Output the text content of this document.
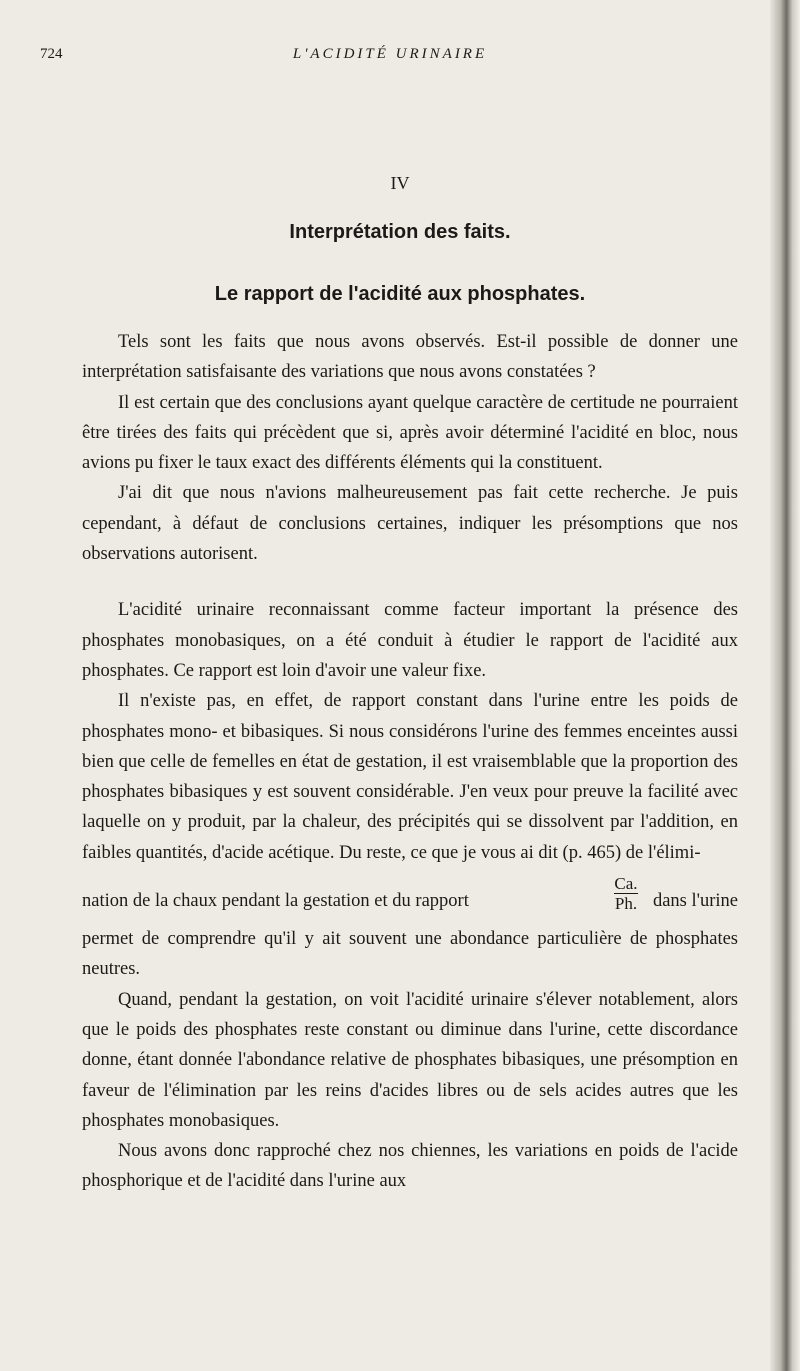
724	L'ACIDITÉ URINAIRE
IV
Interprétation des faits.
Le rapport de l'acidité aux phosphates.

Tels sont les faits que nous avons observés. Est-il possible de donner une interprétation satisfaisante des variations que nous avons constatées ?

Il est certain que des conclusions ayant quelque caractère de certitude ne pourraient être tirées des faits qui précèdent que si, après avoir déterminé l'acidité en bloc, nous avions pu fixer le taux exact des différents éléments qui la constituent.

J'ai dit que nous n'avions malheureusement pas fait cette recherche. Je puis cependant, à défaut de conclusions certaines, indiquer les présomptions que nos observations autorisent.

L'acidité urinaire reconnaissant comme facteur important la présence des phosphates monobasiques, on a été conduit à étudier le rapport de l'acidité aux phosphates. Ce rapport est loin d'avoir une valeur fixe.

Il n'existe pas, en effet, de rapport constant dans l'urine entre les poids de phosphates mono- et bibasiques. Si nous considérons l'urine des femmes enceintes aussi bien que celle de femelles en état de gestation, il est vraisemblable que la proportion des phosphates bibasiques y est souvent considérable. J'en veux pour preuve la facilité avec laquelle on y produit, par la chaleur, des précipités qui se dissolvent par l'addition, en faibles quantités, d'acide acétique. Du reste, ce que je vous ai dit (p. 465) de l'élimi-

nation de la chaux pendant la gestation et du rapport	$\frac{Ca.}{Ph.}$ dans l'urine

permet de comprendre qu'il y ait souvent une abondance particulière de phosphates neutres.

Quand, pendant la gestation, on voit l'acidité urinaire s'élever notablement, alors que le poids des phosphates reste constant ou diminue dans l'urine, cette discordance donne, étant donnée l'abondance relative de phosphates bibasiques, une présomption en faveur de l'élimination par les reins d'acides libres ou de sels acides autres que les phosphates monobasiques.

Nous avons donc rapproché chez nos chiennes, les variations en poids de l'acide phosphorique et de l'acidité dans l'urine aux
